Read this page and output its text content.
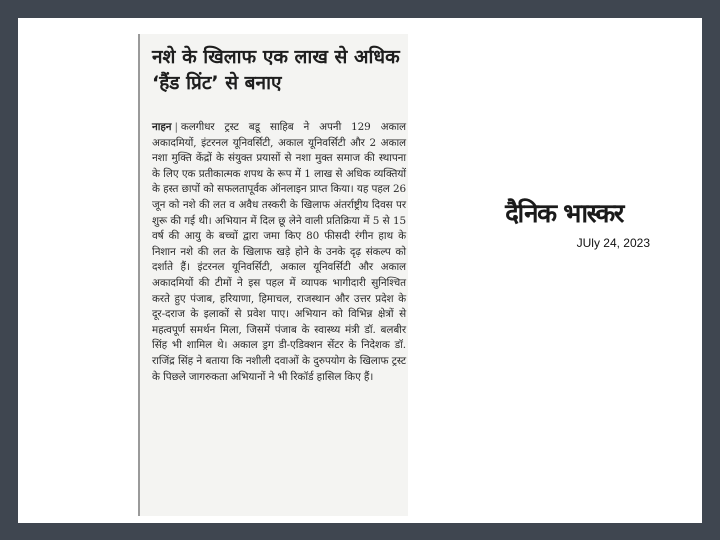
नशे के खिलाफ एक लाख से अधिक ‘हैंड प्रिंट’ से बनाए
नाहन | कलगीधर ट्रस्ट बडू साहिब ने अपनी 129 अकाल अकादमियों, इंटरनल यूनिवर्सिटी, अकाल यूनिवर्सिटी और 2 अकाल नशा मुक्ति केंद्रों के संयुक्त प्रयासों से नशा मुक्त समाज की स्थापना के लिए एक प्रतीकात्मक शपथ के रूप में 1 लाख से अधिक व्यक्तियों के हस्त छापों को सफलतापूर्वक ऑनलाइन प्राप्त किया। यह पहल 26 जून को नशे की लत व अवैध तस्करी के खिलाफ अंतर्राष्ट्रीय दिवस पर शुरू की गई थी। अभियान में दिल छू लेने वाली प्रतिक्रिया में 5 से 15 वर्ष की आयु के बच्चों द्वारा जमा किए 80 फीसदी रंगीन हाथ के निशान नशे की लत के खिलाफ खड़े होने के उनके दृढ़ संकल्प को दर्शाते हैं। इंटरनल यूनिवर्सिटी, अकाल यूनिवर्सिटी और अकाल अकादमियों की टीमों ने इस पहल में व्यापक भागीदारी सुनिश्चित करते हुए पंजाब, हरियाणा, हिमाचल, राजस्थान और उत्तर प्रदेश के दूर-दराज के इलाकों से प्रवेश पाए। अभियान को विभिन्न क्षेत्रों से महत्वपूर्ण समर्थन मिला, जिसमें पंजाब के स्वास्थ्य मंत्री डॉ. बलबीर सिंह भी शामिल थे। अकाल ड्रग डी-एडिक्शन सेंटर के निदेशक डॉ. राजिंद्र सिंह ने बताया कि नशीली दवाओं के दुरुपयोग के खिलाफ ट्रस्ट के पिछले जागरुकता अभियानों ने भी रिकॉर्ड हासिल किए हैं।
दैनिक भास्कर
JUly 24, 2023
